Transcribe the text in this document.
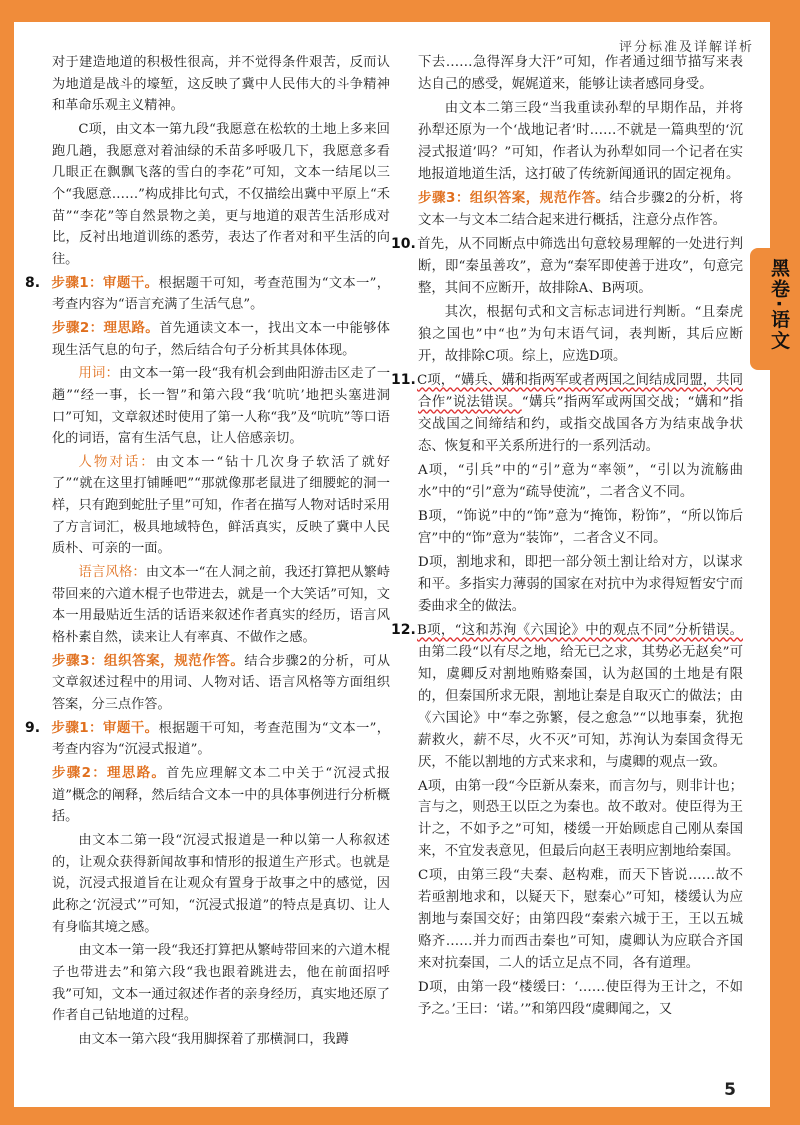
评分标准及详解详析
黑卷·语文
5

对于建造地道的积极性很高，并不觉得条件艰苦，反而认为地道是战斗的壕堑，这反映了冀中人民伟大的斗争精神和革命乐观主义精神。

C项，由文本一第九段“我愿意在松软的土地上多来回跑几趟，我愿意对着油绿的禾苗多呼吸几下，我愿意多看几眼正在飘飘飞落的雪白的李花”可知，文本一结尾以三个“我愿意……”构成排比句式，不仅描绘出冀中平原上“禾苗”“李花”等自然景物之美，更与地道的艰苦生活形成对比，反衬出地道训练的悉劳，表达了作者对和平生活的向往。

8. 步骤1：审题干。根据题干可知，考查范围为“文本一”，考查内容为“语言充满了生活气息”。

步骤2：理思路。首先通读文本一，找出文本一中能够体现生活气息的句子，然后结合句子分析其具体体现。

用词：由文本一第一段“我有机会到曲阳游击区走了一趟”“经一事，长一智”和第六段“我‘吭吭’地把头塞进洞口”可知，文章叙述时使用了第一人称“我”及“吭吭”等口语化的词语，富有生活气息，让人倍感亲切。

人物对话：由文本一“钻十几次身子软活了就好了”“就在这里打铺睡吧”“那就像那老鼠进了细腰蛇的洞一样，只有跑到蛇肚子里”可知，作者在描写人物对话时采用了方言词汇，极具地域特色，鲜活真实，反映了冀中人民质朴、可亲的一面。

语言风格：由文本一“在人洞之前，我还打算把从繁峙带回来的六道木棍子也带进去，就是一个大笑话”可知，文本一用最贴近生活的话语来叙述作者真实的经历，语言风格朴素自然，读来让人有率真、不做作之感。

步骤3：组织答案，规范作答。结合步骤2的分析，可从文章叙述过程中的用词、人物对话、语言风格等方面组织答案，分三点作答。

9. 步骤1：审题干。根据题干可知，考查范围为“文本一”，考查内容为“沉浸式报道”。

步骤2：理思路。首先应理解文本二中关于“沉浸式报道”概念的阐释，然后结合文本一中的具体事例进行分析概括。

由文本二第一段“沉浸式报道是一种以第一人称叙述的，让观众获得新闻故事和情形的报道生产形式。也就是说，沉浸式报道旨在让观众有置身于故事之中的感觉，因此称之‘沉浸式’”可知，“沉浸式报道”的特点是真切、让人有身临其境之感。

由文本一第一段“我还打算把从繁峙带回来的六道木棍子也带进去”和第六段“我也跟着跳进去，他在前面招呼我”可知，文本一通过叙述作者的亲身经历，真实地还原了作者自己钻地道的过程。

由文本一第六段“我用脚探着了那横洞口，我蹲

下去……急得浑身大汗”可知，作者通过细节描写来表达自己的感受，娓娓道来，能够让读者感同身受。

由文本二第三段“当我重读孙犁的早期作品，并将孙犁还原为一个‘战地记者’时……不就是一篇典型的‘沉浸式报道’吗？”可知，作者认为孙犁如同一个记者在实地报道地道生活，这打破了传统新闻通讯的固定视角。

步骤3：组织答案，规范作答。结合步骤2的分析，将文本一与文本二结合起来进行概括，注意分点作答。

10.首先，从不同断点中筛选出句意较易理解的一处进行判断，即“秦虽善攻”，意为“秦军即使善于进攻”，句意完整，其间不应断开，故排除A、B两项。

其次，根据句式和文言标志词进行判断。“且秦虎狼之国也”中“也”为句末语气词，表判断，其后应断开，故排除C项。综上，应选D项。

11.C项，“媾兵、媾和指两军或者两国之间结成同盟，共同合作”说法错误。“媾兵”指两军或两国交战；“媾和”指交战国之间缔结和约，或指交战国各方为结束战争状态、恢复和平关系所进行的一系列活动。

A项，“引兵”中的“引”意为“率领”，“引以为流觞曲水”中的“引”意为“疏导使流”，二者含义不同。

B项，“饰说”中的“饰”意为“掩饰，粉饰”，“所以饰后宫”中的“饰”意为“装饰”，二者含义不同。

D项，割地求和，即把一部分领土割让给对方，以谋求和平。多指实力薄弱的国家在对抗中为求得短暂安宁而委曲求全的做法。

12.B项，“这和苏洵《六国论》中的观点不同”分析错误。由第二段“以有尽之地，给无已之求，其势必无赵矣”可知，虞卿反对割地贿赂秦国，认为赵国的土地是有限的，但秦国所求无限，割地让秦是自取灭亡的做法；由《六国论》中“奉之弥繁，侵之愈急”“以地事秦，犹抱薪救火，薪不尽，火不灭”可知，苏洵认为秦国贪得无厌，不能以割地的方式来求和，与虞卿的观点一致。

A项，由第一段“今臣新从秦来，而言勿与，则非计也；言与之，则恐王以臣之为秦也。故不敢对。使臣得为王计之，不如予之”可知，楼缓一开始顾虑自己刚从秦国来，不宜发表意见，但最后向赵王表明应割地给秦国。

C项，由第三段“夫秦、赵构难，而天下皆说……故不若亟割地求和，以疑天下，慰秦心”可知，楼缓认为应割地与秦国交好；由第四段“秦索六城于王，王以五城赂齐……并力而西击秦也”可知，虞卿认为应联合齐国来对抗秦国，二人的话立足点不同，各有道理。

D项，由第一段“楼缓曰：‘……使臣得为王计之，不如予之。’王曰：‘诺。’”和第四段“虞卿闻之，又
